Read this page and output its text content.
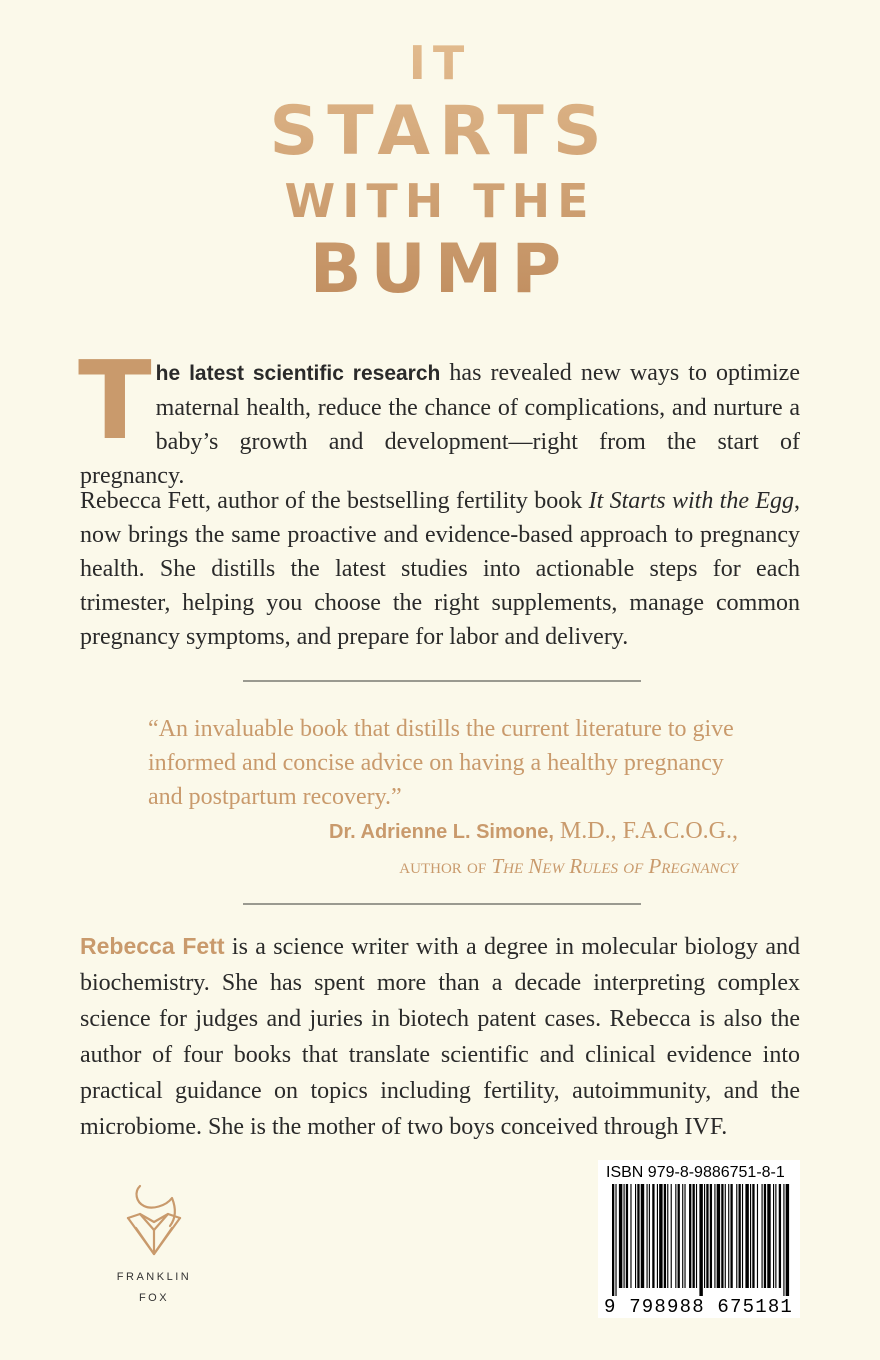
IT
STARTS
WITH THE
BUMP
The latest scientific research has revealed new ways to optimize maternal health, reduce the chance of complications, and nurture a baby’s growth and development—right from the start of pregnancy.
Rebecca Fett, author of the bestselling fertility book It Starts with the Egg, now brings the same proactive and evidence-based approach to pregnancy health. She distills the latest studies into actionable steps for each trimester, helping you choose the right supplements, manage common pregnancy symptoms, and prepare for labor and delivery.
“An invaluable book that distills the current literature to give informed and concise advice on having a healthy pregnancy and postpartum recovery.”
Dr. Adrienne L. Simone, M.D., F.A.C.O.G.,
author of The New Rules of Pregnancy
Rebecca Fett is a science writer with a degree in molecular biology and biochemistry. She has spent more than a decade interpreting complex science for judges and juries in biotech patent cases. Rebecca is also the author of four books that translate scientific and clinical evidence into practical guidance on topics including fertility, autoimmunity, and the microbiome. She is the mother of two boys conceived through IVF.
FRANKLIN
FOX
ISBN 979-8-9886751-8-1
9 798988 675181
